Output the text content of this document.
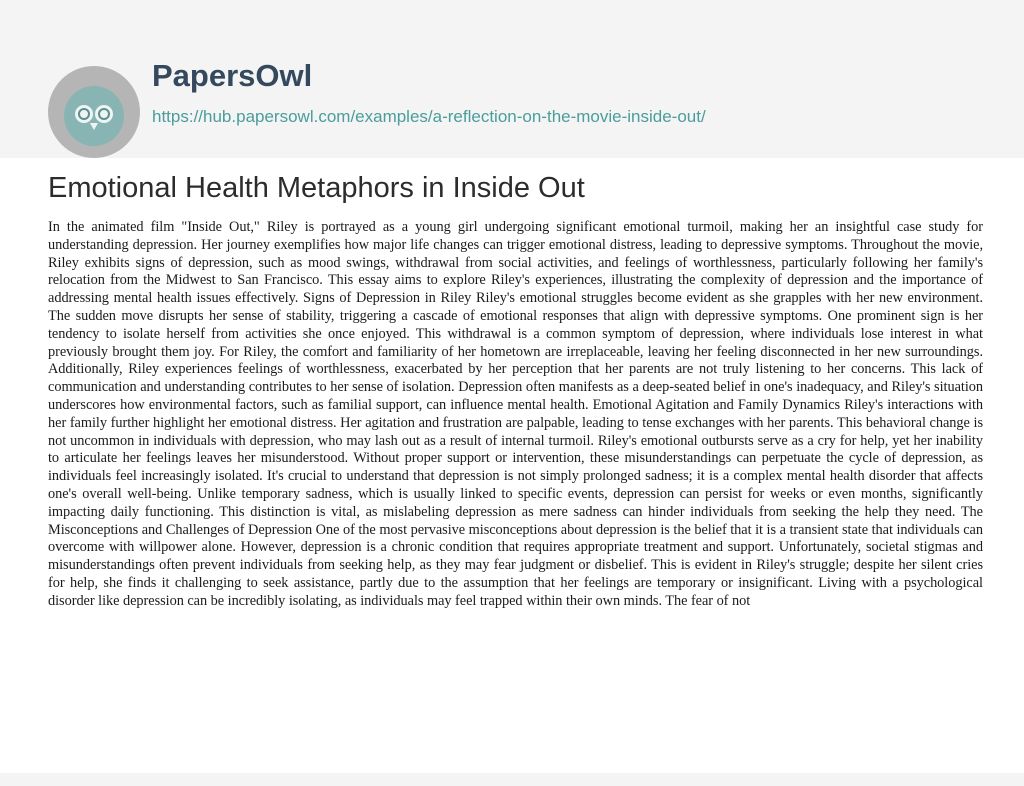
PapersOwl
https://hub.papersowl.com/examples/a-reflection-on-the-movie-inside-out/
Emotional Health Metaphors in Inside Out

In the animated film "Inside Out," Riley is portrayed as a young girl undergoing significant emotional turmoil, making her an insightful case study for understanding depression. Her journey exemplifies how major life changes can trigger emotional distress, leading to depressive symptoms. Throughout the movie, Riley exhibits signs of depression, such as mood swings, withdrawal from social activities, and feelings of worthlessness, particularly following her family's relocation from the Midwest to San Francisco. This essay aims to explore Riley's experiences, illustrating the complexity of depression and the importance of addressing mental health issues effectively. Signs of Depression in Riley Riley's emotional struggles become evident as she grapples with her new environment. The sudden move disrupts her sense of stability, triggering a cascade of emotional responses that align with depressive symptoms. One prominent sign is her tendency to isolate herself from activities she once enjoyed. This withdrawal is a common symptom of depression, where individuals lose interest in what previously brought them joy. For Riley, the comfort and familiarity of her hometown are irreplaceable, leaving her feeling disconnected in her new surroundings. Additionally, Riley experiences feelings of worthlessness, exacerbated by her perception that her parents are not truly listening to her concerns. This lack of communication and understanding contributes to her sense of isolation. Depression often manifests as a deep-seated belief in one's inadequacy, and Riley's situation underscores how environmental factors, such as familial support, can influence mental health. Emotional Agitation and Family Dynamics Riley's interactions with her family further highlight her emotional distress. Her agitation and frustration are palpable, leading to tense exchanges with her parents. This behavioral change is not uncommon in individuals with depression, who may lash out as a result of internal turmoil. Riley's emotional outbursts serve as a cry for help, yet her inability to articulate her feelings leaves her misunderstood. Without proper support or intervention, these misunderstandings can perpetuate the cycle of depression, as individuals feel increasingly isolated. It's crucial to understand that depression is not simply prolonged sadness; it is a complex mental health disorder that affects one's overall well-being. Unlike temporary sadness, which is usually linked to specific events, depression can persist for weeks or even months, significantly impacting daily functioning. This distinction is vital, as mislabeling depression as mere sadness can hinder individuals from seeking the help they need. The Misconceptions and Challenges of Depression One of the most pervasive misconceptions about depression is the belief that it is a transient state that individuals can overcome with willpower alone. However, depression is a chronic condition that requires appropriate treatment and support. Unfortunately, societal stigmas and misunderstandings often prevent individuals from seeking help, as they may fear judgment or disbelief. This is evident in Riley's struggle; despite her silent cries for help, she finds it challenging to seek assistance, partly due to the assumption that her feelings are temporary or insignificant. Living with a psychological disorder like depression can be incredibly isolating, as individuals may feel trapped within their own minds. The fear of not
